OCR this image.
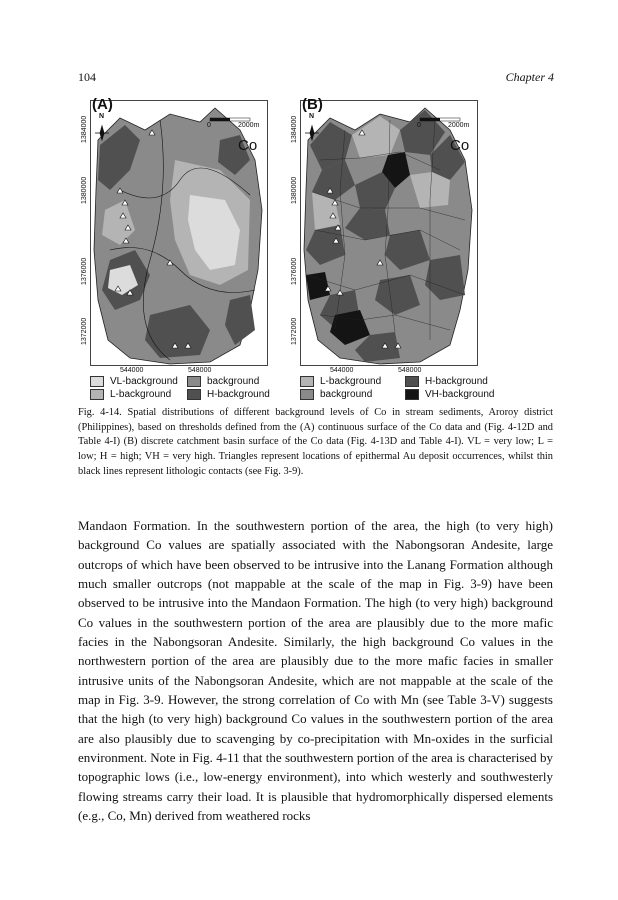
104	Chapter 4
(A)
N
0	2000m
Co
1384000
1380000
1376000
1372000
544000	548000
(B)
N
0	2000m
Co
1384000
1380000
1376000
1372000
544000	548000
VL-background	background
L-background	H-background
L-background	H-background
background	VH-background
Fig. 4-14. Spatial distributions of different background levels of Co in stream sediments, Aroroy district (Philippines), based on thresholds defined from the (A) continuous surface of the Co data and (Fig. 4-12D and Table 4-I) (B) discrete catchment basin surface of the Co data (Fig. 4-13D and Table 4-I). VL = very low; L = low; H = high; VH = very high. Triangles represent locations of epithermal Au deposit occurrences, whilst thin black lines represent lithologic contacts (see Fig. 3-9).
Mandaon Formation. In the southwestern portion of the area, the high (to very high) background Co values are spatially associated with the Nabongsoran Andesite, large outcrops of which have been observed to be intrusive into the Lanang Formation although much smaller outcrops (not mappable at the scale of the map in Fig. 3-9) have been observed to be intrusive into the Mandaon Formation. The high (to very high) background Co values in the southwestern portion of the area are plausibly due to the more mafic facies in the Nabongsoran Andesite. Similarly, the high background Co values in the northwestern portion of the area are plausibly due to the more mafic facies in smaller intrusive units of the Nabongsoran Andesite, which are not mappable at the scale of the map in Fig. 3-9. However, the strong correlation of Co with Mn (see Table 3-V) suggests that the high (to very high) background Co values in the southwestern portion of the area are also plausibly due to scavenging by co-precipitation with Mn-oxides in the surficial environment. Note in Fig. 4-11 that the southwestern portion of the area is characterised by topographic lows (i.e., low-energy environment), into which westerly and southwesterly flowing streams carry their load. It is plausible that hydromorphically dispersed elements (e.g., Co, Mn) derived from weathered rocks
